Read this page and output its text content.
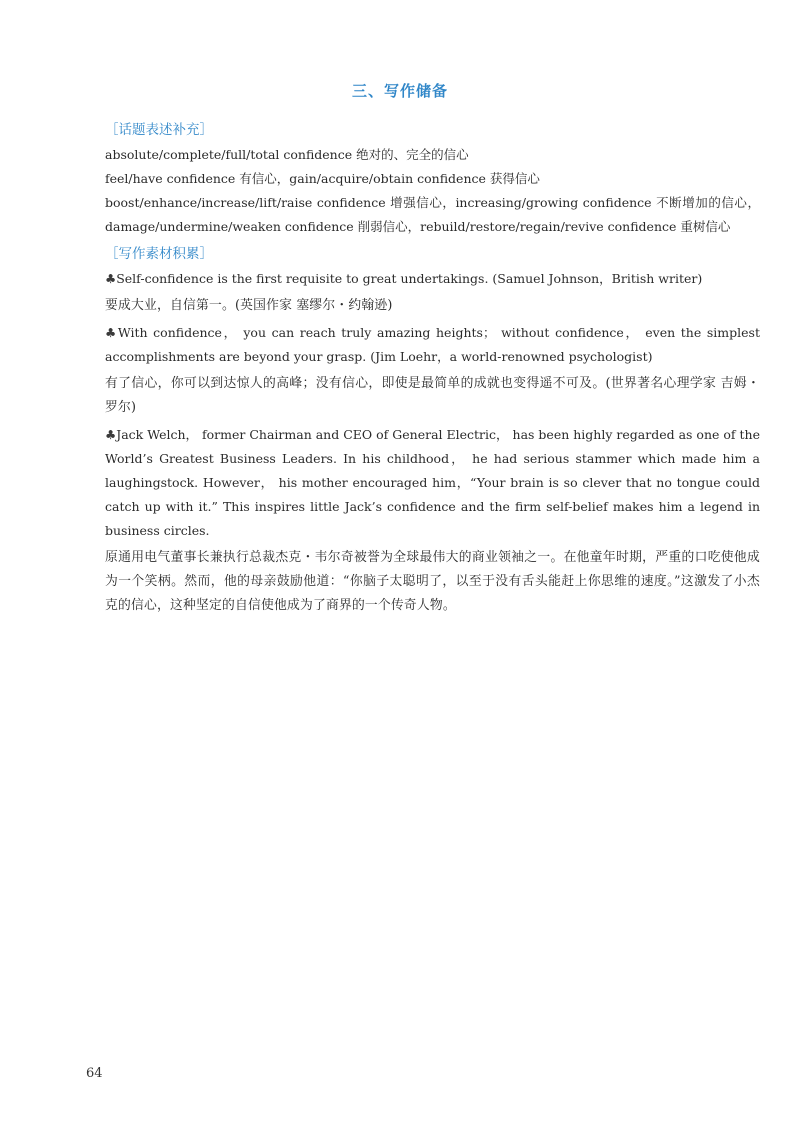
三、写作储备
［话题表述补充］

absolute/complete/full/total confidence 绝对的、完全的信心

feel/have confidence 有信心，gain/acquire/obtain confidence 获得信心

boost/enhance/increase/lift/raise confidence 增强信心，increasing/growing confidence 不断增加的信心，damage/undermine/weaken confidence 削弱信心，rebuild/restore/regain/revive confidence 重树信心

［写作素材积累］

♣Self-confidence is the first requisite to great undertakings. (Samuel Johnson，British writer)

要成大业，自信第一。(英国作家 塞缪尔・约翰逊)

♣With confidence， you can reach truly amazing heights； without confidence， even the simplest accomplishments are beyond your grasp. (Jim Loehr，a world-renowned psychologist)

有了信心，你可以到达惊人的高峰；没有信心，即使是最简单的成就也变得遥不可及。(世界著名心理学家 吉姆・罗尔)

♣Jack Welch， former Chairman and CEO of General Electric， has been highly regarded as one of the World’s Greatest Business Leaders. In his childhood， he had serious stammer which made him a laughingstock. However， his mother encouraged him，“Your brain is so clever that no tongue could catch up with it.” This inspires little Jack’s confidence and the firm self-belief makes him a legend in business circles.

原通用电气董事长兼执行总裁杰克・韦尔奇被誉为全球最伟大的商业领袖之一。在他童年时期，严重的口吃使他成为一个笑柄。然而，他的母亲鼓励他道：“你脑子太聪明了，以至于没有舌头能赶上你思维的速度。”这激发了小杰克的信心，这种坚定的自信使他成为了商界的一个传奇人物。

64
